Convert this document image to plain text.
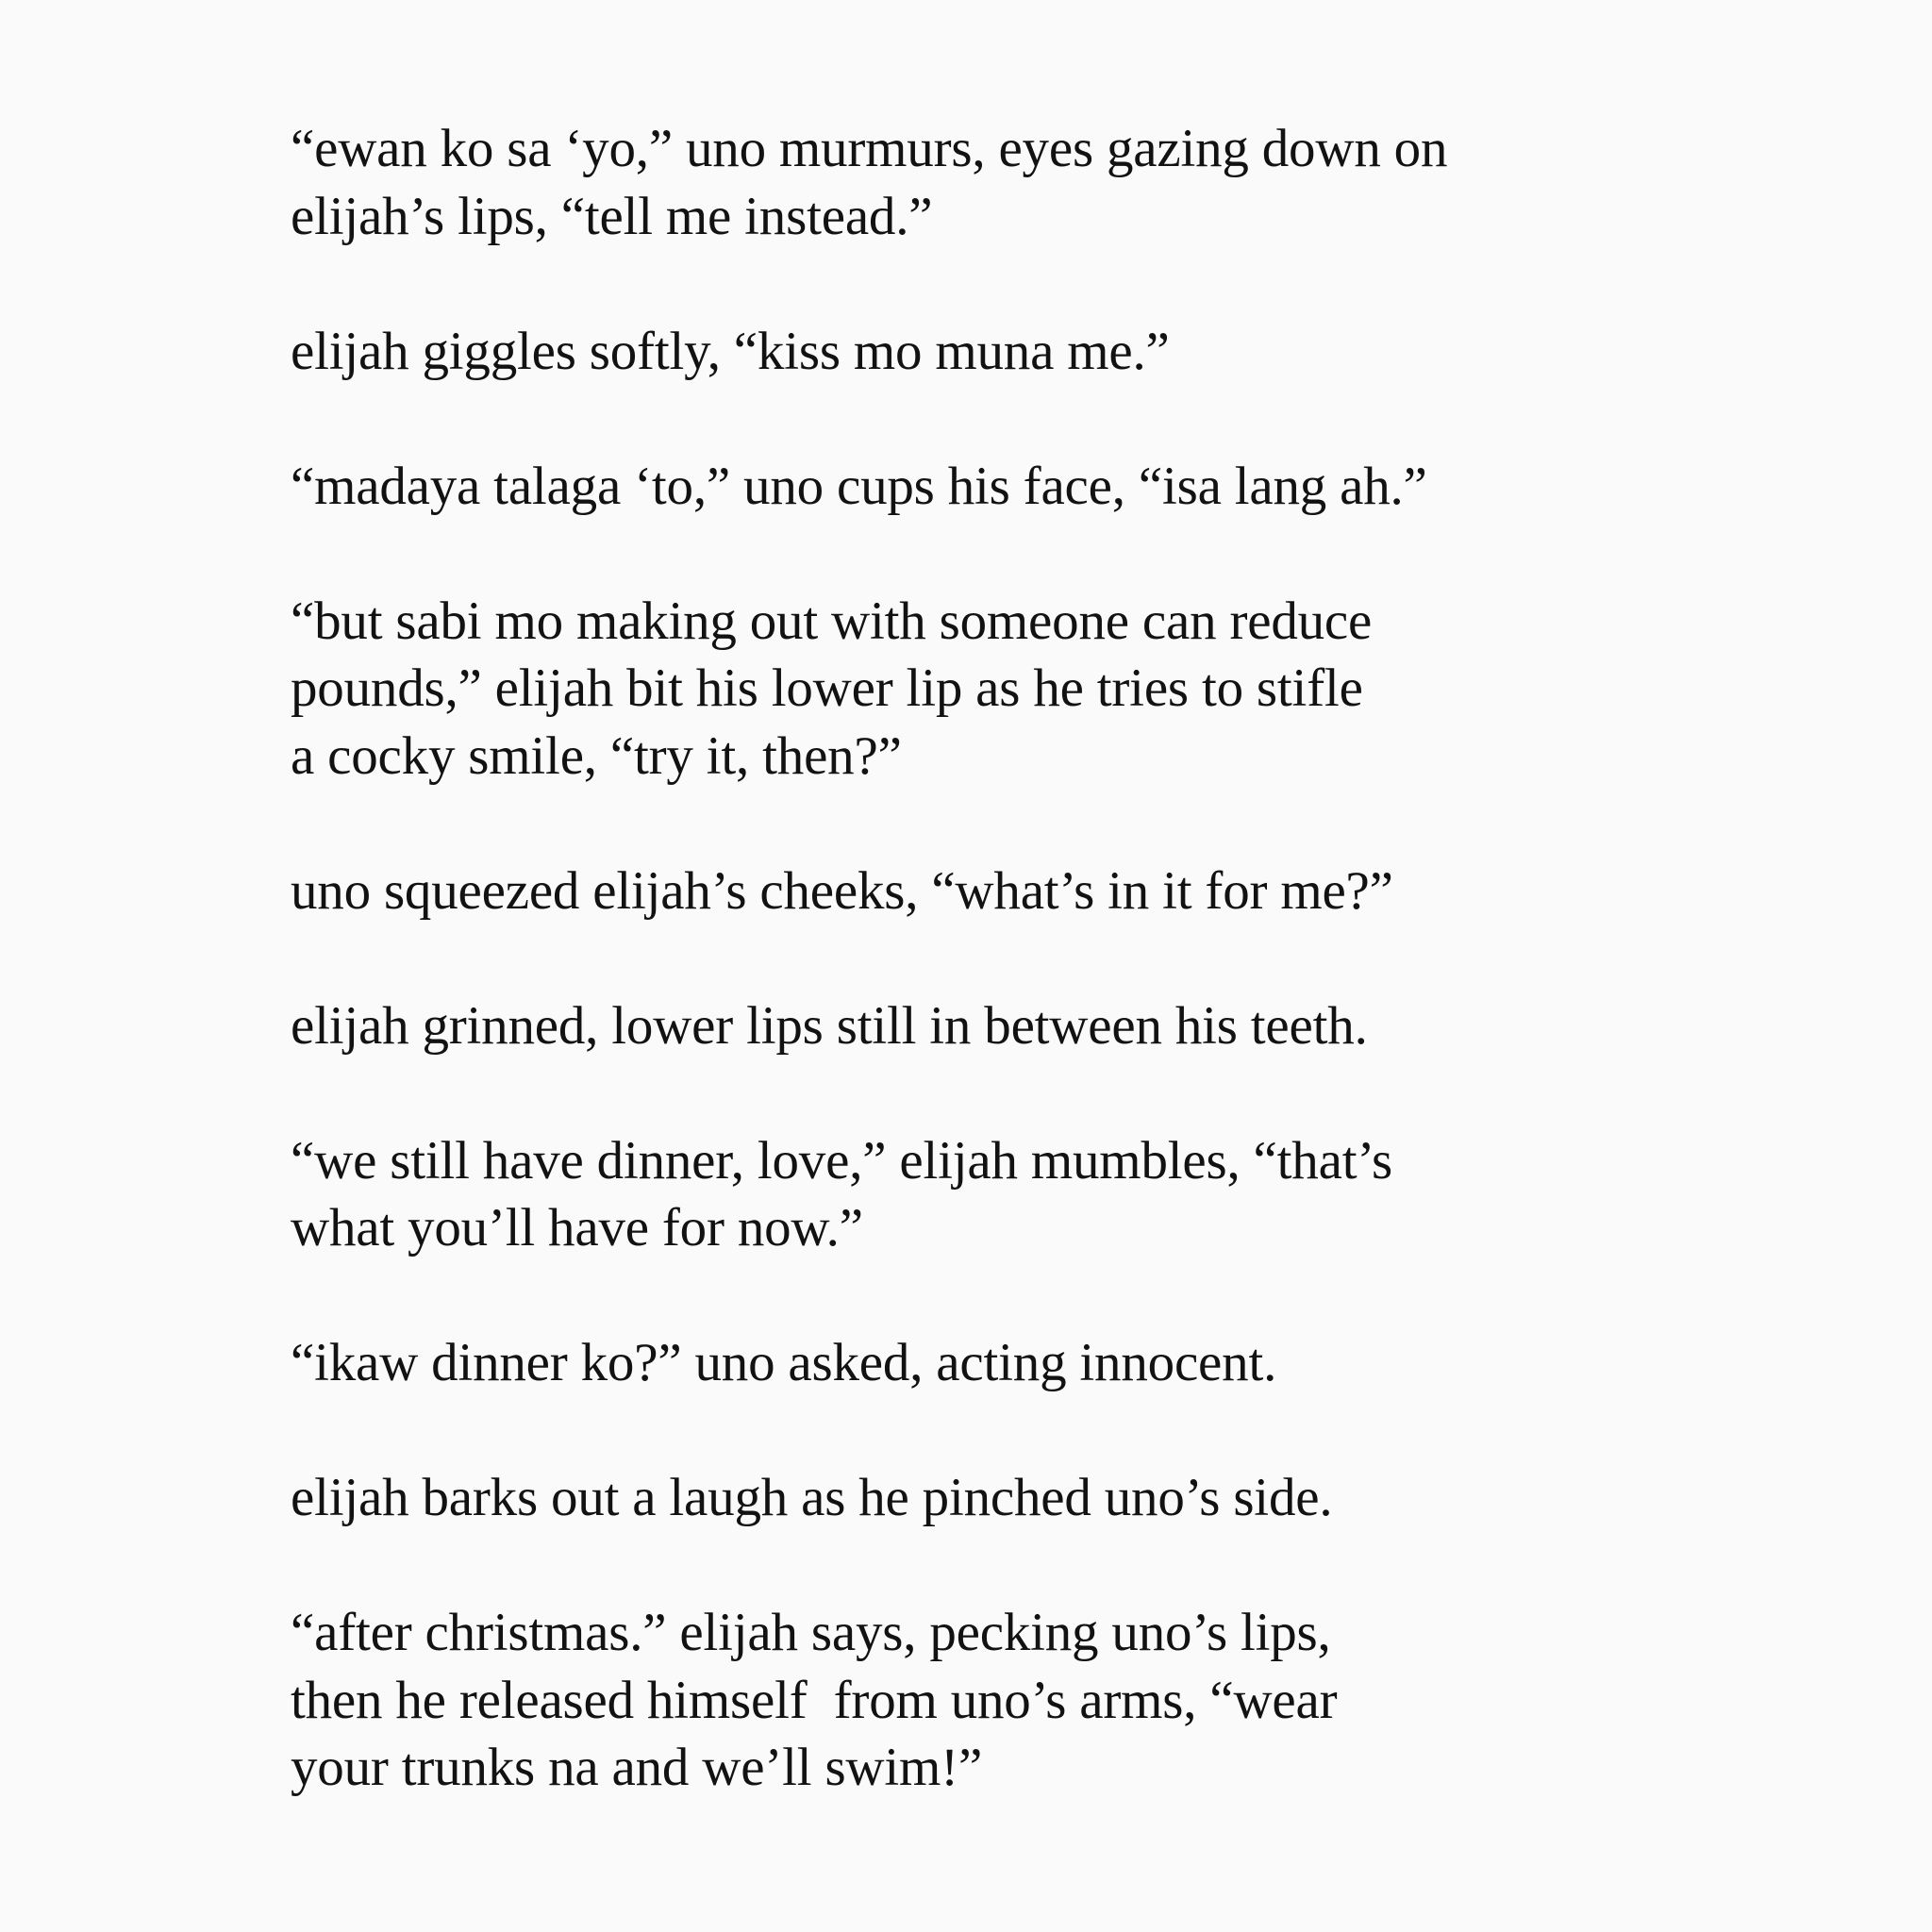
“ewan ko sa ‘yo,” uno murmurs, eyes gazing down on
elijah’s lips, “tell me instead.”

elijah giggles softly, “kiss mo muna me.”

“madaya talaga ‘to,” uno cups his face, “isa lang ah.”

“but sabi mo making out with someone can reduce
pounds,” elijah bit his lower lip as he tries to stifle
a cocky smile, “try it, then?”

uno squeezed elijah’s cheeks, “what’s in it for me?”

elijah grinned, lower lips still in between his teeth.

“we still have dinner, love,” elijah mumbles, “that’s
what you’ll have for now.”

“ikaw dinner ko?” uno asked, acting innocent.

elijah barks out a laugh as he pinched uno’s side.

“after christmas.” elijah says, pecking uno’s lips,
then he released himself  from uno’s arms, “wear
your trunks na and we’ll swim!”
